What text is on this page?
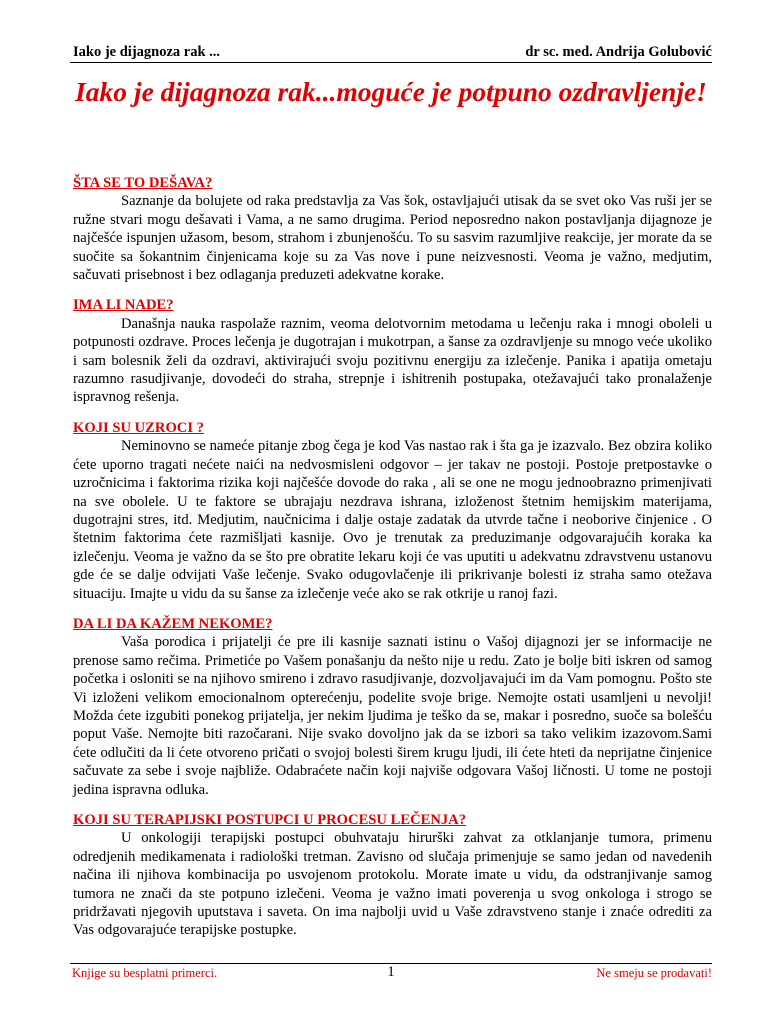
Iako je dijagnoza rak ...	dr sc. med. Andrija Golubović
Iako je dijagnoza rak...moguće je potpuno ozdravljenje!
ŠTA SE TO DEŠAVA?

Saznanje da bolujete od raka predstavlja za Vas šok, ostavljajući utisak da se svet oko Vas ruši jer se ružne stvari mogu dešavati i Vama, a ne samo drugima. Period neposredno nakon postavljanja dijagnoze je najčešće ispunjen užasom, besom, strahom i zbunjenošću. To su sasvim razumljive reakcije, jer morate da se suočite sa šokantnim činjenicama koje su za Vas nove i pune neizvesnosti. Veoma je važno, medjutim, sačuvati prisebnost i bez odlaganja preduzeti adekvatne korake.

IMA LI NADE?

Današnja nauka raspolaže raznim, veoma delotvornim metodama u lečenju raka i mnogi oboleli u potpunosti ozdrave. Proces lečenja je dugotrajan i mukotrpan, a šanse za ozdravljenje su mnogo veće ukoliko i sam bolesnik želi da ozdravi, aktivirajući svoju pozitivnu energiju za izlečenje. Panika i apatija ometaju razumno rasudjivanje, dovodeći do straha, strepnje i ishitrenih postupaka, otežavajući tako pronalaženje ispravnog rešenja.

KOJI SU UZROCI ?

Neminovno se nameće pitanje zbog čega je kod Vas nastao rak i šta ga je izazvalo. Bez obzira koliko ćete uporno tragati nećete naići na nedvosmisleni odgovor – jer takav ne postoji. Postoje pretpostavke o uzročnicima i faktorima rizika koji najčešće dovode do raka , ali se one ne mogu jednoobrazno primenjivati na sve obolele. U te faktore se ubrajaju nezdrava ishrana, izloženost štetnim hemijskim materijama, dugotrajni stres, itd. Medjutim, naučnicima i dalje ostaje zadatak da utvrde tačne i neoborive činjenice . O štetnim faktorima ćete razmišljati kasnije. Ovo je trenutak za preduzimanje odgovarajućih koraka ka izlečenju. Veoma je važno da se što pre obratite lekaru koji će vas uputiti u adekvatnu zdravstvenu ustanovu gde će se dalje odvijati Vaše lečenje. Svako odugovlačenje ili prikrivanje bolesti iz straha samo otežava situaciju. Imajte u vidu da su šanse za izlečenje veće ako se rak otkrije u ranoj fazi.

DA LI DA KAŽEM NEKOME?

Vaša porodica i prijatelji će pre ili kasnije saznati istinu o Vašoj dijagnozi jer se informacije ne prenose samo rečima. Primetiće po Vašem ponašanju da nešto nije u redu. Zato je bolje biti iskren od samog početka i osloniti se na njihovo smireno i zdravo rasudjivanje, dozvoljavajući im da Vam pomognu. Pošto ste Vi izloženi velikom emocionalnom opterećenju, podelite svoje brige. Nemojte ostati usamljeni u nevolji! Možda ćete izgubiti ponekog prijatelja, jer nekim ljudima je teško da se, makar i posredno, suoče sa bolešću poput Vaše. Nemojte biti razočarani. Nije svako dovoljno jak da se izbori sa tako velikim izazovom.Sami ćete odlučiti da li ćete otvoreno pričati o svojoj bolesti širem krugu ljudi, ili ćete hteti da neprijatne činjenice sačuvate za sebe i svoje najbliže. Odabraćete način koji najviše odgovara Vašoj ličnosti. U tome ne postoji jedina ispravna odluka.

KOJI SU TERAPIJSKI POSTUPCI U PROCESU LEČENJA?

U onkologiji terapijski postupci obuhvataju hirurški zahvat za otklanjanje tumora, primenu odredjenih medikamenata i radiološki tretman. Zavisno od slučaja primenjuje se samo jedan od navedenih načina ili njihova kombinacija po usvojenom protokolu. Morate imate u vidu, da odstranjivanje samog tumora ne znači da ste potpuno izlečeni. Veoma je važno imati poverenja u svog onkologa i strogo se pridržavati njegovih uputstava i saveta. On ima najbolji uvid u Vaše zdravstveno stanje i znaće odrediti za Vas odgovarajuće terapijske postupke.

Knjige su besplatni primerci.	1	Ne smeju se prodavati!
